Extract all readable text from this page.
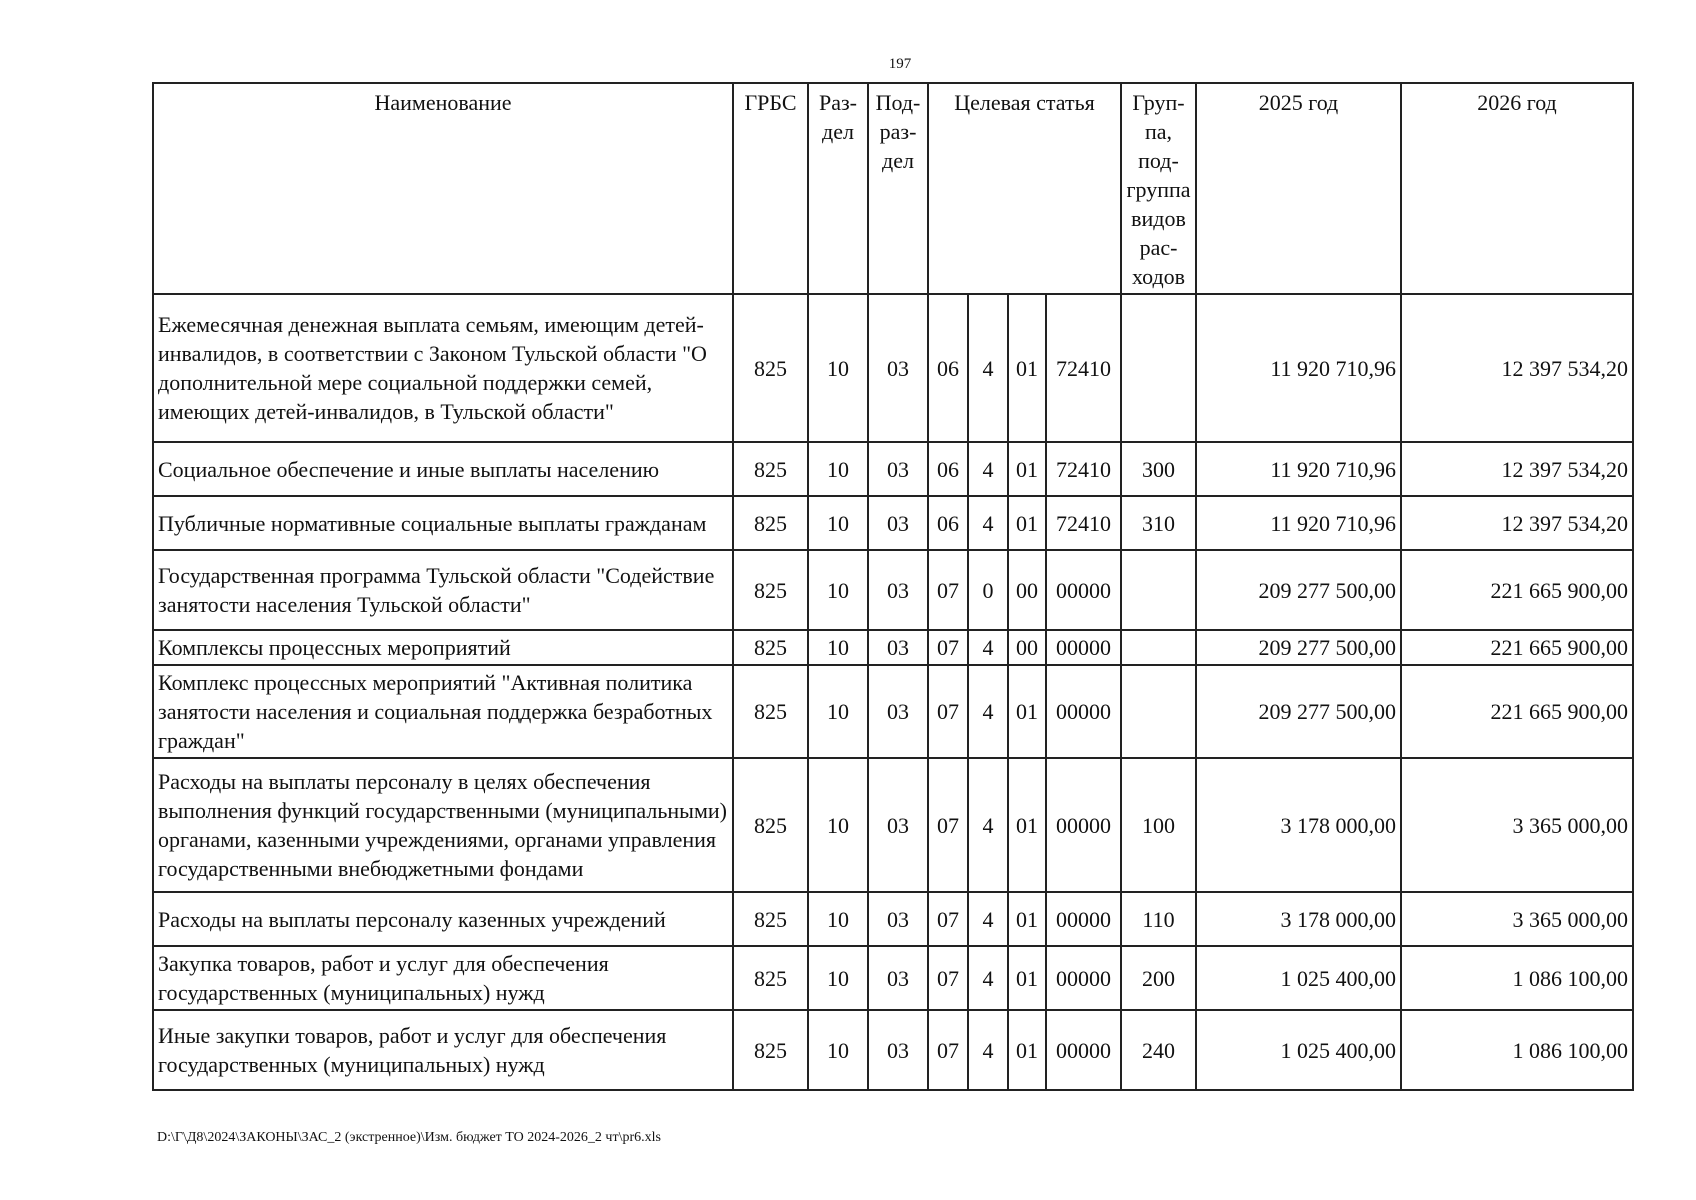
197
Наименование	ГРБС	Раз-дел	Под-раз-дел	Целевая статья				Груп-па, под-группа видов рас-ходов	2025 год	2026 год
Ежемесячная денежная выплата семьям, имеющим детей-инвалидов, в соответствии с Законом Тульской области "О дополнительной мере социальной поддержки семей, имеющих детей-инвалидов, в Тульской области"	825	10	03	06	4	01	72410		11 920 710,96	12 397 534,20
Социальное обеспечение и иные выплаты населению	825	10	03	06	4	01	72410	300	11 920 710,96	12 397 534,20
Публичные нормативные социальные выплаты гражданам	825	10	03	06	4	01	72410	310	11 920 710,96	12 397 534,20
Государственная программа Тульской области "Содействие занятости населения Тульской области"	825	10	03	07	0	00	00000		209 277 500,00	221 665 900,00
Комплексы процессных мероприятий	825	10	03	07	4	00	00000		209 277 500,00	221 665 900,00
Комплекс процессных мероприятий "Активная политика занятости населения и социальная поддержка безработных граждан"	825	10	03	07	4	01	00000		209 277 500,00	221 665 900,00
Расходы на выплаты персоналу в целях обеспечения выполнения функций государственными (муниципальными) органами, казенными учреждениями, органами управления государственными внебюджетными фондами	825	10	03	07	4	01	00000	100	3 178 000,00	3 365 000,00
Расходы на выплаты персоналу казенных учреждений	825	10	03	07	4	01	00000	110	3 178 000,00	3 365 000,00
Закупка товаров, работ и услуг для обеспечения государственных (муниципальных) нужд	825	10	03	07	4	01	00000	200	1 025 400,00	1 086 100,00
Иные закупки товаров, работ и услуг для обеспечения государственных (муниципальных) нужд	825	10	03	07	4	01	00000	240	1 025 400,00	1 086 100,00
D:\Г\Д8\2024\ЗАКОНЫ\ЗАС_2 (экстренное)\Изм. бюджет ТО 2024-2026_2 чт\pr6.xls
